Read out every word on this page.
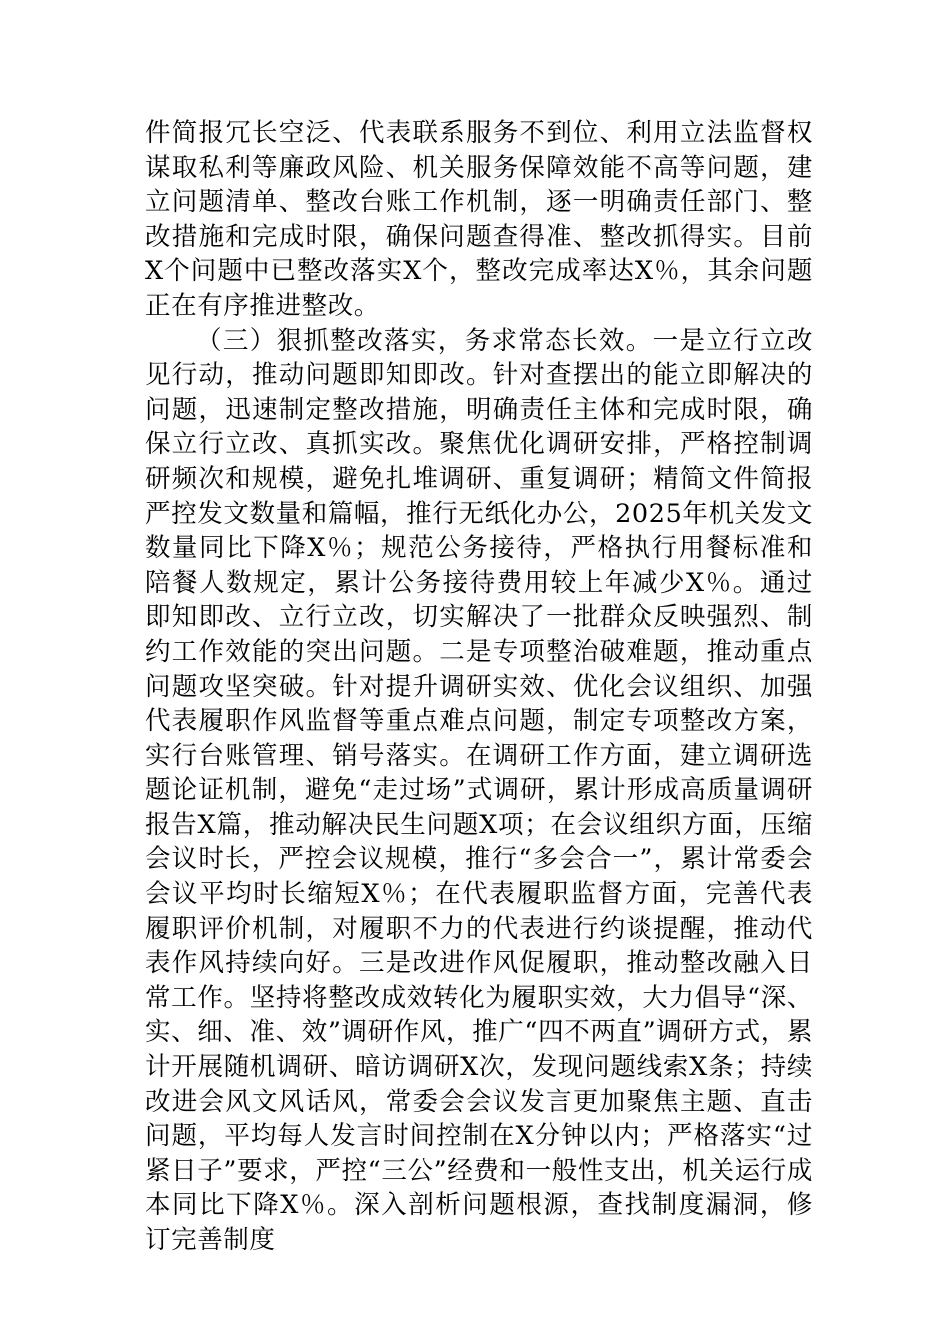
件简报冗长空泛、代表联系服务不到位、利用立法监督权谋取私利等廉政风险、机关服务保障效能不高等问题，建立问题清单、整改台账工作机制，逐一明确责任部门、整改措施和完成时限，确保问题查得准、整改抓得实。目前X个问题中已整改落实X个，整改完成率达X％，其余问题正在有序推进整改。

（三）狠抓整改落实，务求常态长效。一是立行立改见行动，推动问题即知即改。针对查摆出的能立即解决的问题，迅速制定整改措施，明确责任主体和完成时限，确保立行立改、真抓实改。聚焦优化调研安排，严格控制调研频次和规模，避免扎堆调研、重复调研；精简文件简报严控发文数量和篇幅，推行无纸化办公，2025年机关发文数量同比下降X％；规范公务接待，严格执行用餐标准和陪餐人数规定，累计公务接待费用较上年减少X％。通过即知即改、立行立改，切实解决了一批群众反映强烈、制约工作效能的突出问题。二是专项整治破难题，推动重点问题攻坚突破。针对提升调研实效、优化会议组织、加强代表履职作风监督等重点难点问题，制定专项整改方案，实行台账管理、销号落实。在调研工作方面，建立调研选题论证机制，避免“走过场”式调研，累计形成高质量调研报告X篇，推动解决民生问题X项；在会议组织方面，压缩会议时长，严控会议规模，推行“多会合一”，累计常委会会议平均时长缩短X％；在代表履职监督方面，完善代表履职评价机制，对履职不力的代表进行约谈提醒，推动代表作风持续向好。三是改进作风促履职，推动整改融入日常工作。坚持将整改成效转化为履职实效，大力倡导“深、实、细、准、效”调研作风，推广“四不两直”调研方式，累计开展随机调研、暗访调研X次，发现问题线索X条；持续改进会风文风话风，常委会会议发言更加聚焦主题、直击问题，平均每人发言时间控制在X分钟以内；严格落实“过紧日子”要求，严控“三公”经费和一般性支出，机关运行成本同比下降X％。深入剖析问题根源，查找制度漏洞，修订完善制度
